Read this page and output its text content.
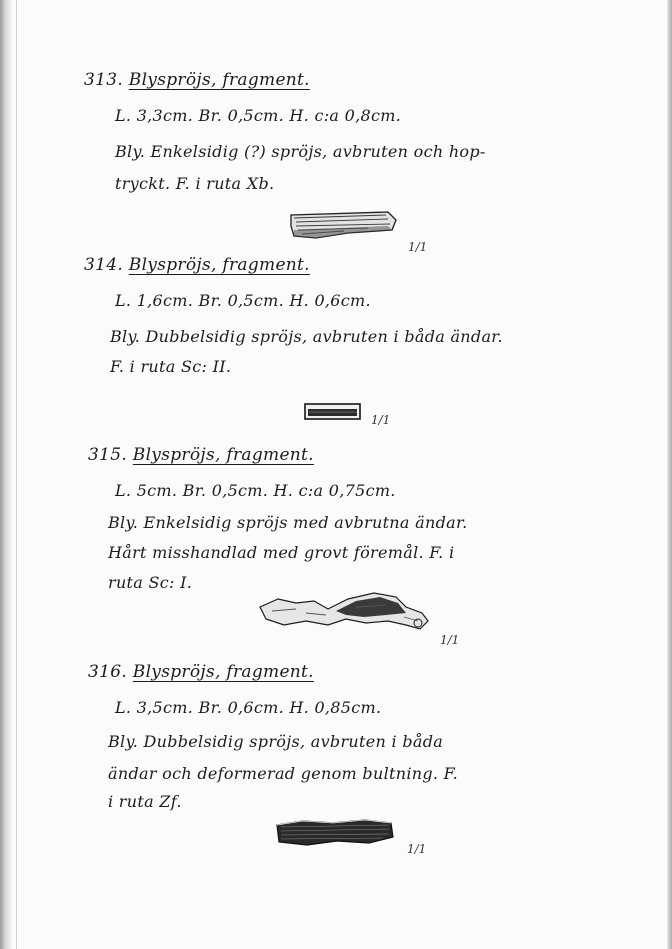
313. Blyspröjs, fragment.
L. 3,3cm. Br. 0,5cm. H. c:a 0,8cm.
Bly. Enkelsidig (?) spröjs, avbruten och hop-
tryckt. F. i ruta Xb.
1/1
314. Blyspröjs, fragment.
L. 1,6cm. Br. 0,5cm. H. 0,6cm.
Bly. Dubbelsidig spröjs, avbruten i båda ändar.
F. i ruta Sc: II.
1/1
315. Blyspröjs, fragment.
L. 5cm. Br. 0,5cm. H. c:a 0,75cm.
Bly. Enkelsidig spröjs med avbrutna ändar.
Hårt misshandlad med grovt föremål. F. i
ruta Sc: I.
1/1
316. Blyspröjs, fragment.
L. 3,5cm. Br. 0,6cm. H. 0,85cm.
Bly. Dubbelsidig spröjs, avbruten i båda
ändar och deformerad genom bultning. F.
i ruta Zf.
1/1
